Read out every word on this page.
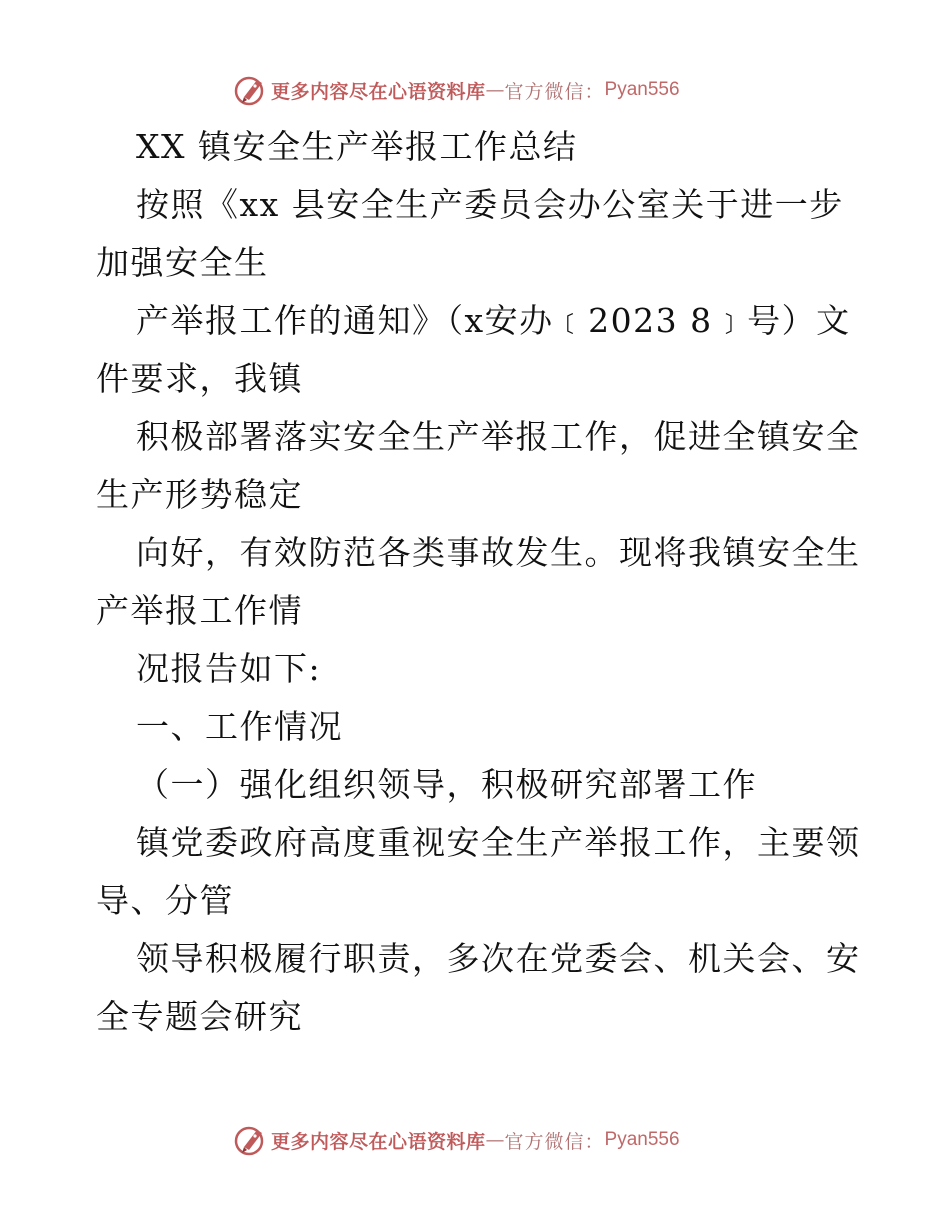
更多内容尽在心语资料库 — 官方微信： Pyan556
XX 镇安全生产举报工作总结
按照《xx 县安全生产委员会办公室关于进一步
加强安全生
产举报工作的通知》（x安办﹝2023 8﹞号）文
件要求，我镇
积极部署落实安全生产举报工作，促进全镇安全
生产形势稳定
向好，有效防范各类事故发生。现将我镇安全生
产举报工作情
况报告如下:
一、工作情况
（一）强化组织领导，积极研究部署工作
镇党委政府高度重视安全生产举报工作，主要领
导、分管
领导积极履行职责，多次在党委会、机关会、安
全专题会研究
更多内容尽在心语资料库 — 官方微信： Pyan556
